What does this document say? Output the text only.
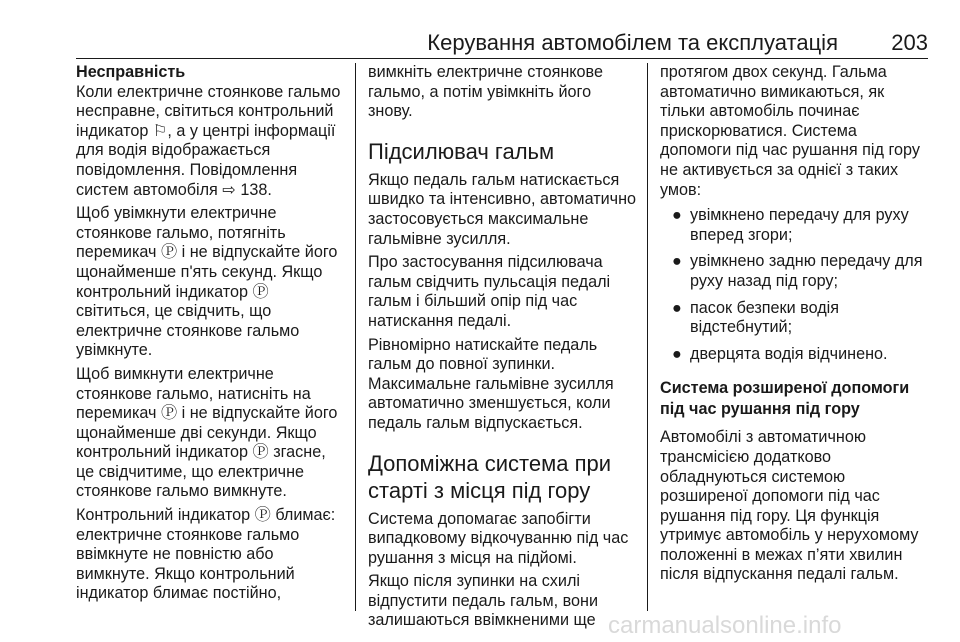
Керування автомобілем та експлуатація 203

Несправність

Коли електричне стоянкове гальмо
несправне, світиться контрольний
індикатор ⚐, а у центрі інформації
для водія відображається
повідомлення. Повідомлення
систем автомобіля ⇨ 138.

Щоб увімкнути електричне
стоянкове гальмо, потягніть
перемикач Ⓟ і не відпускайте його
щонайменше п'ять секунд. Якщо
контрольний індикатор Ⓟ
світиться, це свідчить, що
електричне стоянкове гальмо
увімкнуте.

Щоб вимкнути електричне
стоянкове гальмо, натисніть на
перемикач Ⓟ і не відпускайте його
щонайменше дві секунди. Якщо
контрольний індикатор Ⓟ згасне,
це свідчитиме, що електричне
стоянкове гальмо вимкнуте.

Контрольний індикатор Ⓟ блимає:
електричне стоянкове гальмо
ввімкнуте не повністю або
вимкнуте. Якщо контрольний
індикатор блимає постійно,

вимкніть електричне стоянкове
гальмо, а потім увімкніть його
знову.

Підсилювач гальм

Якщо педаль гальм натискається
швидко та інтенсивно, автоматично
застосовується максимальне
гальмівне зусилля.

Про застосування підсилювача
гальм свідчить пульсація педалі
гальм і більший опір під час
натискання педалі.

Рівномірно натискайте педаль
гальм до повної зупинки.
Максимальне гальмівне зусилля
автоматично зменшується, коли
педаль гальм відпускається.

Допоміжна система при
старті з місця під гору

Система допомагає запобігти
випадковому відкочуванню під час
рушання з місця на підйомі.

Якщо після зупинки на схилі
відпустити педаль гальм, вони
залишаються ввімкненими ще

протягом двох секунд. Гальма
автоматично вимикаються, як
тільки автомобіль починає
прискорюватися. Система
допомоги під час рушання під гору
не активується за однієї з таких
умов:

● увімкнено передачу для руху
вперед згори;
● увімкнено задню передачу для
руху назад під гору;
● пасок безпеки водія
відстебнутий;
● дверцята водія відчинено.
Система розширеної допомоги
під час рушання під гору

Автомобілі з автоматичною
трансмісією додатково
обладнуються системою
розширеної допомоги під час
рушання під гору. Ця функція
утримує автомобіль у нерухомому
положенні в межах п’яти хвилин
після відпускання педалі гальм.

carmanualsonline.info
